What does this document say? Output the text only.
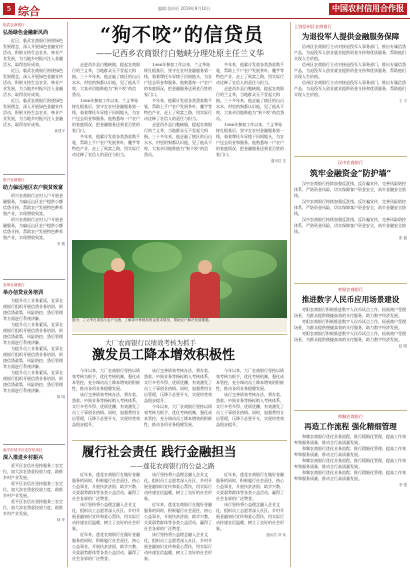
5 综合	编辑:张旺旺 2019年9月10日	中国农村信用合作报
临武农商银行
弘扬绿色金融新风尚

近日，临武农商银行围绕绿色发展理念，深入开展绿色金融宣传活动，积极支持生态农业、林业产业发展，为当地乡村振兴注入金融活水，取得良好成效。

近日，临武农商银行围绕绿色发展理念，深入开展绿色金融宣传活动，积极支持生态农业、林业产业发展，为当地乡村振兴注入金融活水，取得良好成效。

近日，临武农商银行围绕绿色发展理念，深入开展绿色金融宣传活动，积极支持生态农业、林业产业发展，为当地乡村振兴注入金融活水，取得良好成效。

黄建平
资兴农商银行
助力偏远地区农户脱贫致富

资兴农商银行走村入户开展金融服务，为偏远山区农户提供小额信贷支持，帮助农户发展特色种养殖产业，实现增收致富。

资兴农商银行走村入户开展金融服务，为偏远山区农户提供小额信贷支持，帮助农户发展特色种养殖产业，实现增收致富。

李 俊
宜章农商银行
举办信贷业务培训

为提升员工业务素质，宜章农商银行组织开展信贷业务培训，围绕信贷政策、风险防控、贷后管理等方面进行系统讲解。

为提升员工业务素质，宜章农商银行组织开展信贷业务培训，围绕信贷政策、风险防控、贷后管理等方面进行系统讲解。

为提升员工业务素质，宜章农商银行组织开展信贷业务培训，围绕信贷政策、风险防控、贷后管理等方面进行系统讲解。

为提升员工业务素质，宜章农商银行组织开展信贷业务培训，围绕信贷政策、风险防控、贷后管理等方面进行系统讲解。

陈 明
南平市延平区农村信用社
深入推进乡村振兴

延平区农信社坚持服务三农定位，加大涉农贷款投放力度，助推乡村产业发展。

延平区农信社坚持服务三农定位，加大涉农贷款投放力度，助推乡村产业发展。

延平区农信社坚持服务三农定位，加大涉农贷款投放力度，助推乡村产业发展。

林 华
“狗不咬”的信贷员
——记西乡农商银行白勉峡分理处原主任兰义华

走进西乡县白勉峡镇，提起农商银行的兰义华，当地群众无不竖起大拇指。三十多年来，他走遍了辖区的山山水水，村里的狗都认识他，见了他从不咬，大家亲切地称他为“狗不咬”的信贷员。

1986年参加工作以来，兰义华始终扎根基层，坚守在农村金融服务第一线，骑着摩托车穿梭于田间地头，为农户送去资金和服务。他熟悉每一户农户的家庭情况，把金融服务送到老百姓的家门口。

多年来，他累计发放各类贷款数千笔，帮助上千户农户发展茶叶、魔芋等特色产业，走上了致富之路，用实际行动诠释了农信人的责任与担当。

1986年参加工作以来，兰义华始终扎根基层，坚守在农村金融服务第一线，骑着摩托车穿梭于田间地头，为农户送去资金和服务。他熟悉每一户农户的家庭情况，把金融服务送到老百姓的家门口。

多年来，他累计发放各类贷款数千笔，帮助上千户农户发展茶叶、魔芋等特色产业，走上了致富之路，用实际行动诠释了农信人的责任与担当。

走进西乡县白勉峡镇，提起农商银行的兰义华，当地群众无不竖起大拇指。三十多年来，他走遍了辖区的山山水水，村里的狗都认识他，见了他从不咬，大家亲切地称他为“狗不咬”的信贷员。

多年来，他累计发放各类贷款数千笔，帮助上千户农户发展茶叶、魔芋等特色产业，走上了致富之路，用实际行动诠释了农信人的责任与担当。

走进西乡县白勉峡镇，提起农商银行的兰义华，当地群众无不竖起大拇指。三十多年来，他走遍了辖区的山山水水，村里的狗都认识他，见了他从不咬，大家亲切地称他为“狗不咬”的信贷员。

1986年参加工作以来，兰义华始终扎根基层，坚守在农村金融服务第一线，骑着摩托车穿梭于田间地头，为农户送去资金和服务。他熟悉每一户农户的家庭情况，把金融服务送到老百姓的家门口。

通讯员 龙
图为：兰义华在茶园与农户交流，了解茶叶种植和资金需求情况，帮助农户解决发展难题。
大厂农商银行以绩效考核为抓手
激发员工降本增效积极性

今年以来，大厂农商银行坚持以绩效考核为抓手，优化考核机制，强化成本管控，充分调动员工降本增效的积极性，推动各项业务稳健发展。

该行完善绩效考核办法，将存款、贷款、中间业务等指标纳入考核体系，实行多劳多得、优绩优酬，有效激发了员工干事创业热情。同时，加强费用支出管理，压降不必要开支，实现经营效益稳步提升。

该行完善绩效考核办法，将存款、贷款、中间业务等指标纳入考核体系，实行多劳多得、优绩优酬，有效激发了员工干事创业热情。同时，加强费用支出管理，压降不必要开支，实现经营效益稳步提升。

今年以来，大厂农商银行坚持以绩效考核为抓手，优化考核机制，强化成本管控，充分调动员工降本增效的积极性，推动各项业务稳健发展。

今年以来，大厂农商银行坚持以绩效考核为抓手，优化考核机制，强化成本管控，充分调动员工降本增效的积极性，推动各项业务稳健发展。

该行完善绩效考核办法，将存款、贷款、中间业务等指标纳入考核体系，实行多劳多得、优绩优酬，有效激发了员工干事创业热情。同时，加强费用支出管理，压降不必要开支，实现经营效益稳步提升。

履行社会责任 践行金融担当
——莲花农商银行的公益之路

近年来，莲花农商银行在做好金融服务的同时，积极履行社会责任，热心公益事业，开展扶贫济困、助学兴教、关爱弱势群体等各类公益活动，赢得了社会各界的广泛赞誉。

该行坚持将公益理念融入企业文化，组织员工志愿者深入社区、乡村开展金融知识宣传和爱心帮扶，用实际行动传递农信温暖，树立了良好的社会形象。

近年来，莲花农商银行在做好金融服务的同时，积极履行社会责任，热心公益事业，开展扶贫济困、助学兴教、关爱弱势群体等各类公益活动，赢得了社会各界的广泛赞誉。

该行坚持将公益理念融入企业文化，组织员工志愿者深入社区、乡村开展金融知识宣传和爱心帮扶，用实际行动传递农信温暖，树立了良好的社会形象。

近年来，莲花农商银行在做好金融服务的同时，积极履行社会责任，热心公益事业，开展扶贫济困、助学兴教、关爱弱势群体等各类公益活动，赢得了社会各界的广泛赞誉。

该行坚持将公益理念融入企业文化，组织员工志愿者深入社区、乡村开展金融知识宣传和爱心帮扶，用实际行动传递农信温暖，树立了良好的社会形象。

近年来，莲花农商银行在做好金融服务的同时，积极履行社会责任，热心公益事业，开展扶贫济困、助学兴教、关爱弱势群体等各类公益活动，赢得了社会各界的广泛赞誉。

该行坚持将公益理念融入企业文化，组织员工志愿者深入社区、乡村开展金融知识宣传和爱心帮扶，用实际行动传递农信温暖，树立了良好的社会形象。

通讯员 刘 伟
上饶信州区农商银行
为退役军人提供金融服务保障

信州区农商银行主动对接退役军人事务部门，推出专属信贷产品，为退役军人创业就业提供资金支持和优质服务，帮助他们实现人生价值。

信州区农商银行主动对接退役军人事务部门，推出专属信贷产品，为退役军人创业就业提供资金支持和优质服务，帮助他们实现人生价值。

信州区农商银行主动对接退役军人事务部门，推出专属信贷产品，为退役军人创业就业提供资金支持和优质服务，帮助他们实现人生价值。

王 平
汉中农商银行
筑牢金融资金“防护墙”

汉中农商银行持续加强反洗钱、反诈骗宣传，完善风险防控体系，严防资金风险，切实保障客户资金安全，筑牢金融安全防线。

汉中农商银行持续加强反洗钱、反诈骗宣传，完善风险防控体系，严防资金风险，切实保障客户资金安全，筑牢金融安全防线。

汉中农商银行持续加强反洗钱、反诈骗宣传，完善风险防控体系，严防资金风险，切实保障客户资金安全，筑牢金融安全防线。

张 磊
枣阳农商银行
推进数字人民币应用场景建设

枣阳农商银行积极推进数字人民币试点工作，拓展商户受理场景，为群众提供便捷高效的支付服务，助力数字经济发展。

枣阳农商银行积极推进数字人民币试点工作，拓展商户受理场景，为群众提供便捷高效的支付服务，助力数字经济发展。

枣阳农商银行积极推进数字人民币试点工作，拓展商户受理场景，为群众提供便捷高效的支付服务，助力数字经济发展。

赵 刚
和顺农商银行
再造工作流程 强化精细管理

和顺农商银行优化业务流程，推行精细化管理，提高工作效率和服务质量，推动全行高质量发展。

和顺农商银行优化业务流程，推行精细化管理，提高工作效率和服务质量，推动全行高质量发展。

和顺农商银行优化业务流程，推行精细化管理，提高工作效率和服务质量，推动全行高质量发展。

和顺农商银行优化业务流程，推行精细化管理，提高工作效率和服务质量，推动全行高质量发展。

李 强
